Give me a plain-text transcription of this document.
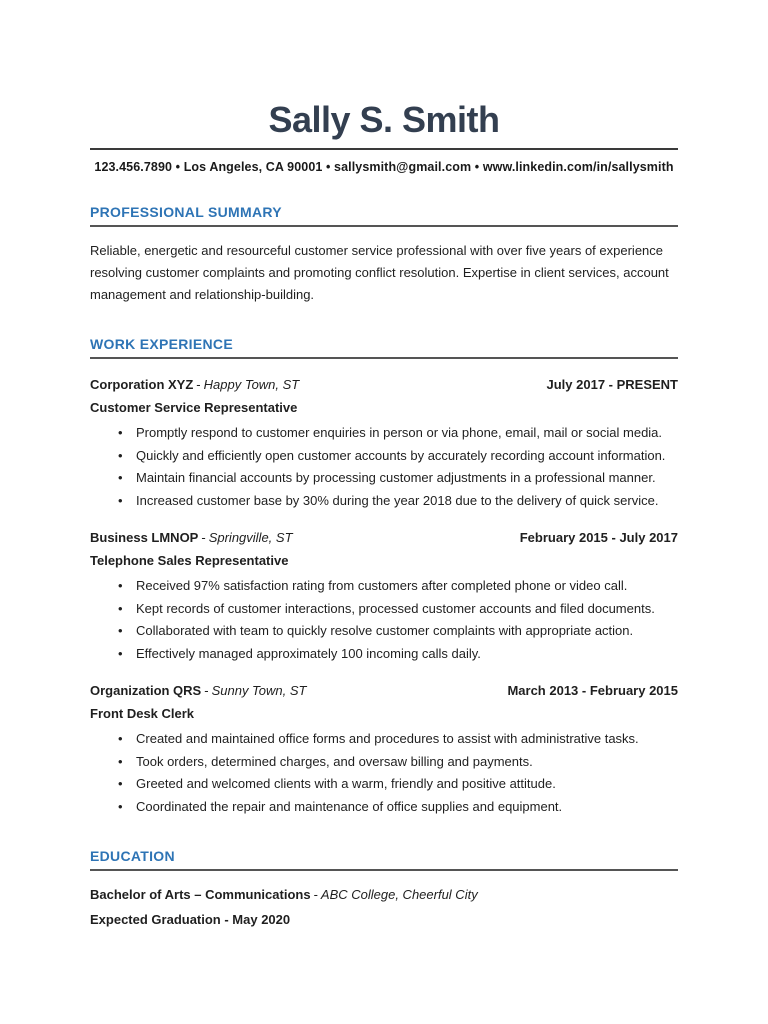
Sally S. Smith
123.456.7890 • Los Angeles, CA 90001 • sallysmith@gmail.com • www.linkedin.com/in/sallysmith
PROFESSIONAL SUMMARY

Reliable, energetic and resourceful customer service professional with over five years of experience resolving customer complaints and promoting conflict resolution. Expertise in client services, account management and relationship-building.

WORK EXPERIENCE
Corporation XYZ - Happy Town, ST	July 2017 - PRESENT
Customer Service Representative
• Promptly respond to customer enquiries in person or via phone, email, mail or social media.
• Quickly and efficiently open customer accounts by accurately recording account information.
• Maintain financial accounts by processing customer adjustments in a professional manner.
• Increased customer base by 30% during the year 2018 due to the delivery of quick service.
Business LMNOP - Springville, ST	February 2015 - July 2017
Telephone Sales Representative
• Received 97% satisfaction rating from customers after completed phone or video call.
• Kept records of customer interactions, processed customer accounts and filed documents.
• Collaborated with team to quickly resolve customer complaints with appropriate action.
• Effectively managed approximately 100 incoming calls daily.
Organization QRS - Sunny Town, ST	March 2013 - February 2015
Front Desk Clerk
• Created and maintained office forms and procedures to assist with administrative tasks.
• Took orders, determined charges, and oversaw billing and payments.
• Greeted and welcomed clients with a warm, friendly and positive attitude.
• Coordinated the repair and maintenance of office supplies and equipment.
EDUCATION
Bachelor of Arts – Communications - ABC College, Cheerful City
Expected Graduation - May 2020
